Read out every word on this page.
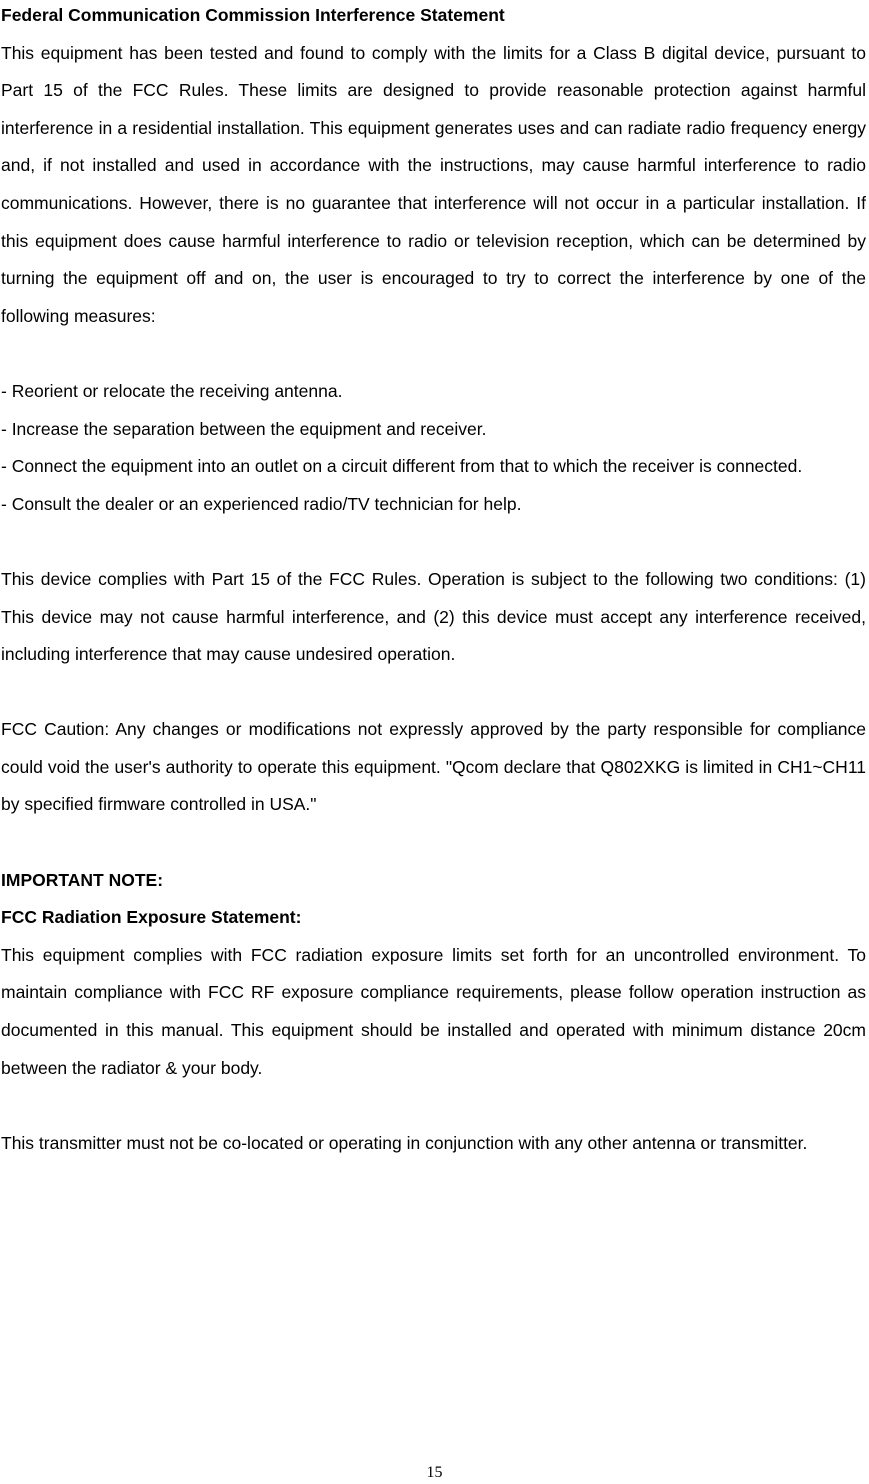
Federal Communication Commission Interference Statement

This equipment has been tested and found to comply with the limits for a Class B digital device, pursuant to Part 15 of the FCC Rules. These limits are designed to provide reasonable protection against harmful interference in a residential installation. This equipment generates uses and can radiate radio frequency energy and, if not installed and used in accordance with the instructions, may cause harmful interference to radio communications. However, there is no guarantee that interference will not occur in a particular installation. If this equipment does cause harmful interference to radio or television reception, which can be determined by turning the equipment off and on, the user is encouraged to try to correct the interference by one of the following measures:

- Reorient or relocate the receiving antenna.

- Increase the separation between the equipment and receiver.

- Connect the equipment into an outlet on a circuit different from that to which the receiver is connected.

- Consult the dealer or an experienced radio/TV technician for help.

This device complies with Part 15 of the FCC Rules. Operation is subject to the following two conditions: (1) This device may not cause harmful interference, and (2) this device must accept any interference received, including interference that may cause undesired operation.

FCC Caution: Any changes or modifications not expressly approved by the party responsible for compliance could void the user's authority to operate this equipment. "Qcom declare that Q802XKG is limited in CH1~CH11 by specified firmware controlled in USA."

IMPORTANT NOTE:

FCC Radiation Exposure Statement:

This equipment complies with FCC radiation exposure limits set forth for an uncontrolled environment. To maintain compliance with FCC RF exposure compliance requirements, please follow operation instruction as documented in this manual. This equipment should be installed and operated with minimum distance 20cm between the radiator & your body.

This transmitter must not be co-located or operating in conjunction with any other antenna or transmitter.

15
